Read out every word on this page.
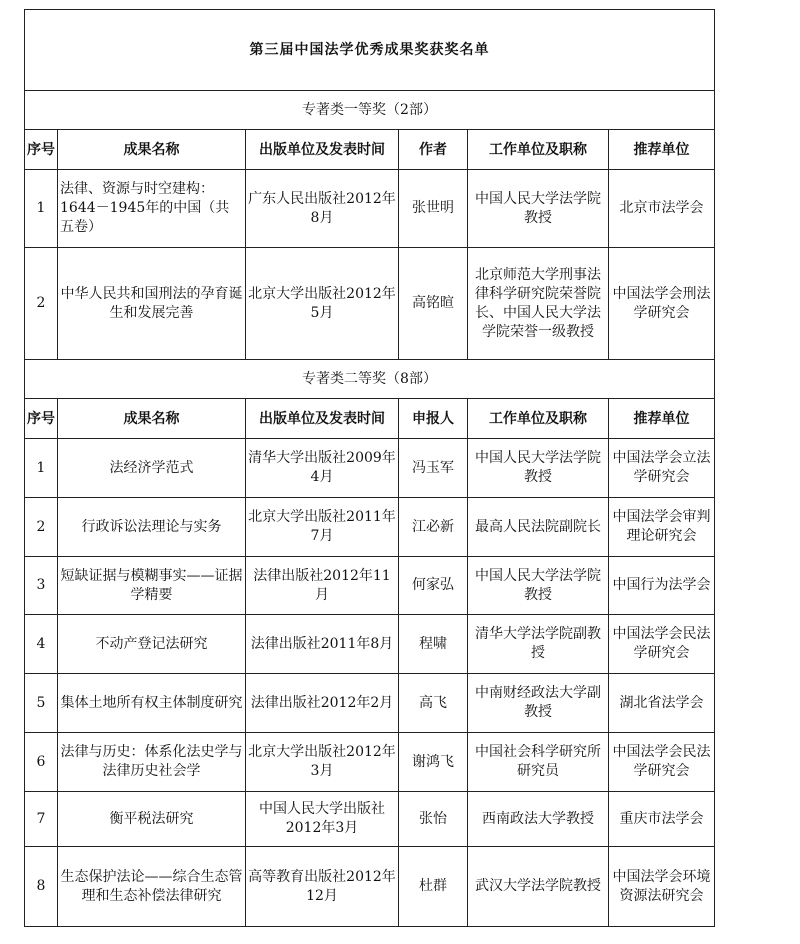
第三届中国法学优秀成果奖获奖名单					
专著类一等奖（2部）					
序号	成果名称	出版单位及发表时间	作者	工作单位及职称	推荐单位
1	法律、资源与时空建构：1644－1945年的中国（共五卷）	广东人民出版社2012年8月	张世明	中国人民大学法学院教授	北京市法学会
2	中华人民共和国刑法的孕育诞生和发展完善	北京大学出版社2012年5月	高铭暄	北京师范大学刑事法律科学研究院荣誉院长、中国人民大学法学院荣誉一级教授	中国法学会刑法学研究会
专著类二等奖（8部）					
序号	成果名称	出版单位及发表时间	申报人	工作单位及职称	推荐单位
1	法经济学范式	清华大学出版社2009年4月	冯玉军	中国人民大学法学院教授	中国法学会立法学研究会
2	行政诉讼法理论与实务	北京大学出版社2011年7月	江必新	最高人民法院副院长	中国法学会审判理论研究会
3	短缺证据与模糊事实——证据学精要	法律出版社2012年11月	何家弘	中国人民大学法学院教授	中国行为法学会
4	不动产登记法研究	法律出版社2011年8月	程啸	清华大学法学院副教授	中国法学会民法学研究会
5	集体土地所有权主体制度研究	法律出版社2012年2月	高飞	中南财经政法大学副教授	湖北省法学会
6	法律与历史：体系化法史学与法律历史社会学	北京大学出版社2012年3月	谢鸿飞	中国社会科学研究所研究员	中国法学会民法学研究会
7	衡平税法研究	中国人民大学出版社2012年3月	张怡	西南政法大学教授	重庆市法学会
8	生态保护法论——综合生态管理和生态补偿法律研究	高等教育出版社2012年12月	杜群	武汉大学法学院教授	中国法学会环境资源法研究会
